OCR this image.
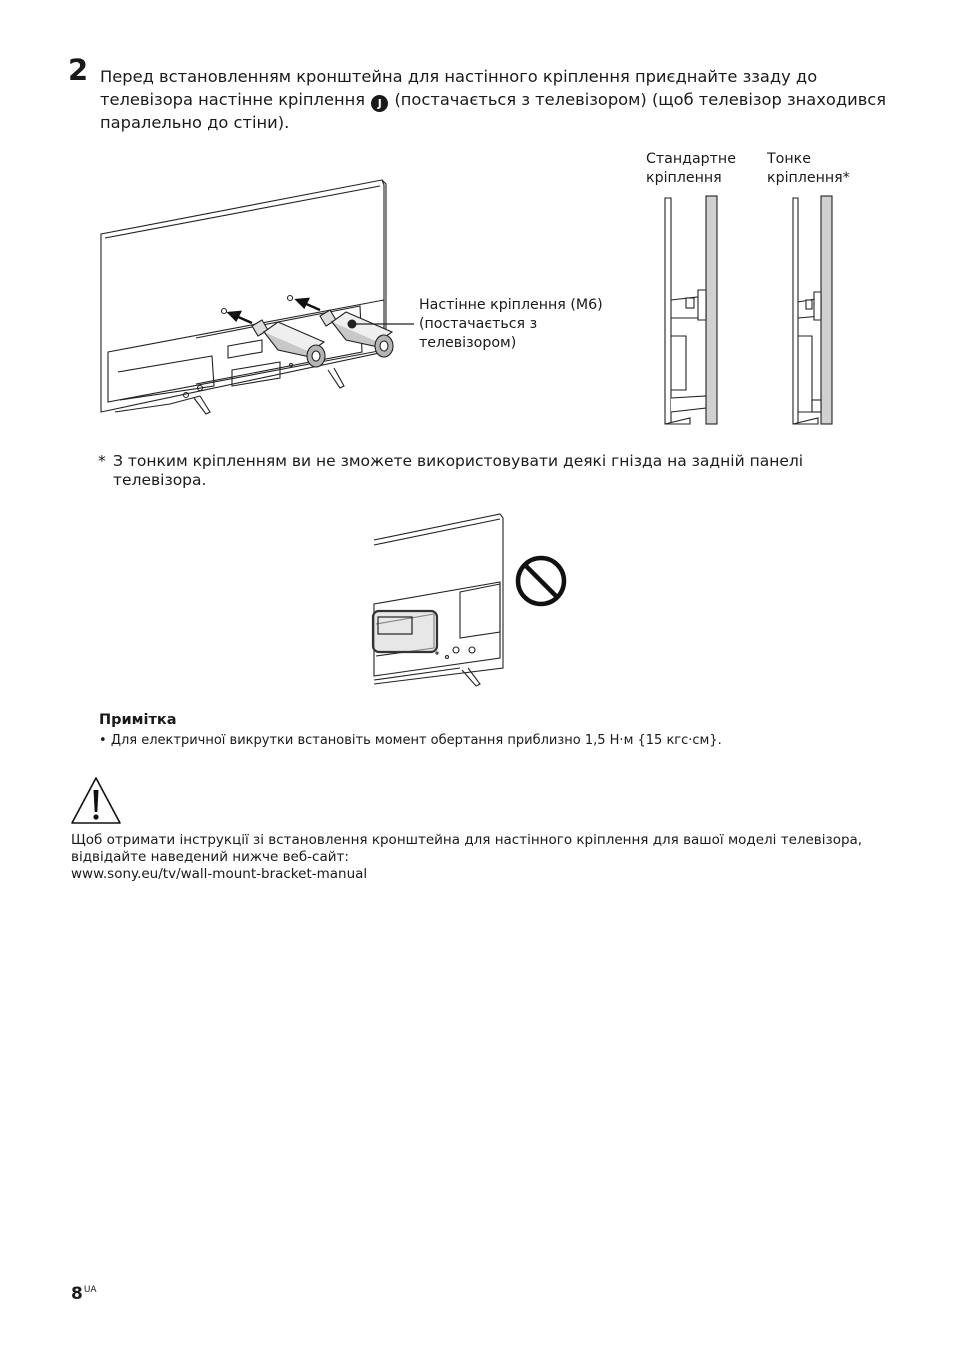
2 Перед встановленням кронштейна для настінного кріплення приєднайте ззаду до телевізора настінне кріплення J (постачається з телевізором) (щоб телевізор знаходився паралельно до стіни).
Настінне кріплення (М6)
(постачається з
телевізором)
Стандартне
кріплення
Тонке
кріплення*
* З тонким кріпленням ви не зможете використовувати деякі гнізда на задній панелі телевізора.
Примітка
• Для електричної викрутки встановіть момент обертання приблизно 1,5 Н·м {15 кгс·см}.
Щоб отримати інструкції зі встановлення кронштейна для настінного кріплення для вашої моделі телевізора,
відвідайте наведений нижче веб-сайт:
www.sony.eu/tv/wall-mount-bracket-manual
$8^{UA}$
